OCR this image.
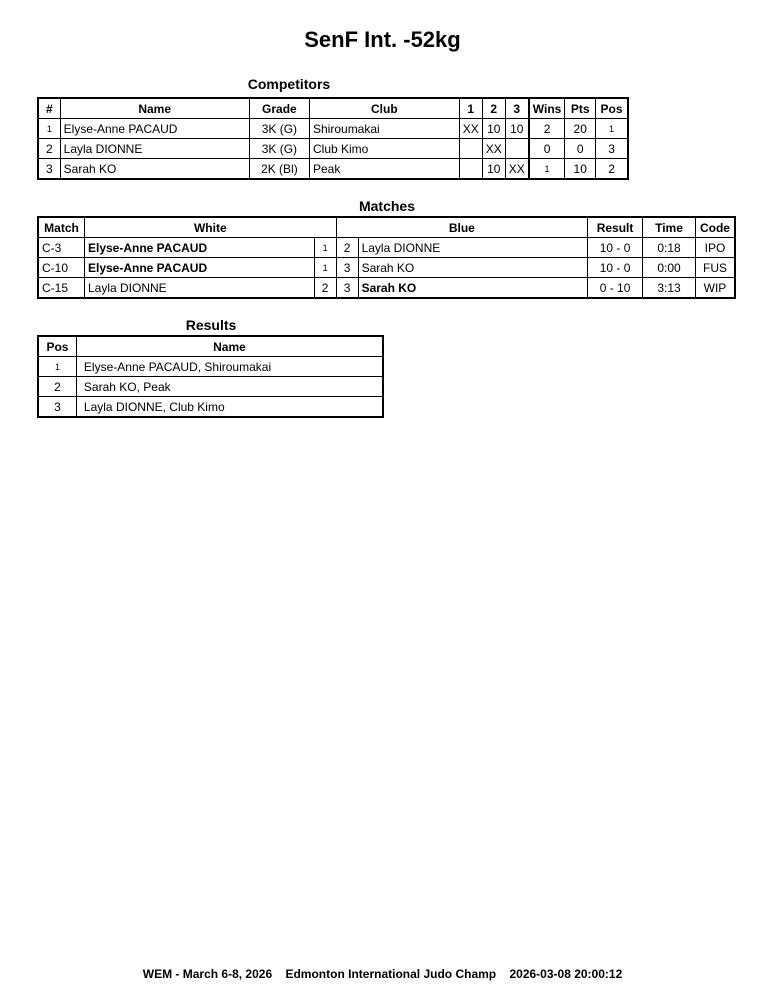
SenF Int. -52kg
Competitors
#	Name	Grade	Club	1	2	3	Wins	Pts	Pos
1	Elyse-Anne PACAUD	3K (G)	Shiroumakai	XX	10	10	2	20	1
2	Layla DIONNE	3K (G)	Club Kimo		XX		0	0	3
3	Sarah KO	2K (Bl)	Peak		10	XX	1	10	2
Matches
Match	White		Blue		Result	Time	Code
C-3	Elyse-Anne PACAUD	1	2	Layla DIONNE	10 - 0	0:18	IPO
C-10	Elyse-Anne PACAUD	1	3	Sarah KO	10 - 0	0:00	FUS
C-15	Layla DIONNE	2	3	Sarah KO	0 - 10	3:13	WIP
Results
Pos	Name
1	Elyse-Anne PACAUD, Shiroumakai
2	Sarah KO, Peak
3	Layla DIONNE, Club Kimo
WEM - March 6-8, 2026 Edmonton International Judo Champ 2026-03-08 20:00:12
